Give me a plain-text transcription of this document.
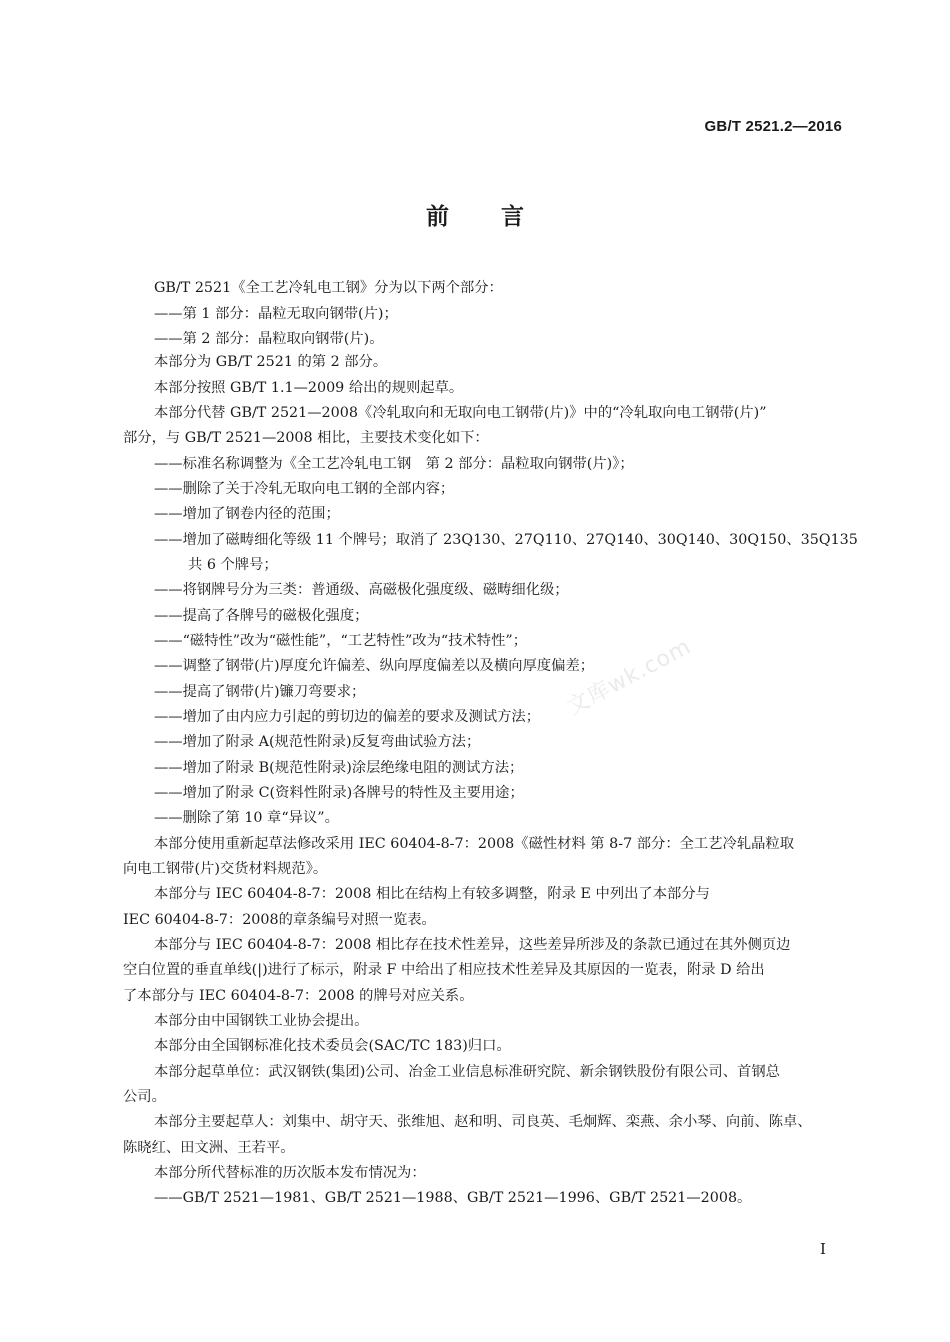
GB/T 2521.2—2016
前 言
GB/T 2521《全工艺冷轧电工钢》分为以下两个部分：
——第 1 部分：晶粒无取向钢带(片)；
——第 2 部分：晶粒取向钢带(片)。
本部分为 GB/T 2521 的第 2 部分。
本部分按照 GB/T 1.1—2009 给出的规则起草。
本部分代替 GB/T 2521—2008《冷轧取向和无取向电工钢带(片)》中的“冷轧取向电工钢带(片)”
部分，与 GB/T 2521—2008 相比，主要技术变化如下：
——标准名称调整为《全工艺冷轧电工钢　第 2 部分：晶粒取向钢带(片)》；
——删除了关于冷轧无取向电工钢的全部内容；
——增加了钢卷内径的范围；
——增加了磁畴细化等级 11 个牌号；取消了 23Q130、27Q110、27Q140、30Q140、30Q150、35Q135
共 6 个牌号；
——将钢牌号分为三类：普通级、高磁极化强度级、磁畴细化级；
——提高了各牌号的磁极化强度；
——“磁特性”改为“磁性能”，“工艺特性”改为“技术特性”；
——调整了钢带(片)厚度允许偏差、纵向厚度偏差以及横向厚度偏差；
——提高了钢带(片)镰刀弯要求；
——增加了由内应力引起的剪切边的偏差的要求及测试方法；
——增加了附录 A(规范性附录)反复弯曲试验方法；
——增加了附录 B(规范性附录)涂层绝缘电阻的测试方法；
——增加了附录 C(资料性附录)各牌号的特性及主要用途；
——删除了第 10 章“异议”。
本部分使用重新起草法修改采用 IEC 60404-8-7：2008《磁性材料 第 8-7 部分：全工艺冷轧晶粒取
向电工钢带(片)交货材料规范》。
本部分与 IEC 60404-8-7：2008 相比在结构上有较多调整，附录 E 中列出了本部分与
IEC 60404-8-7：2008的章条编号对照一览表。
本部分与 IEC 60404-8-7：2008 相比存在技术性差异，这些差异所涉及的条款已通过在其外侧页边
空白位置的垂直单线(|)进行了标示，附录 F 中给出了相应技术性差异及其原因的一览表，附录 D 给出
了本部分与 IEC 60404-8-7：2008 的牌号对应关系。
本部分由中国钢铁工业协会提出。
本部分由全国钢标准化技术委员会(SAC/TC 183)归口。
本部分起草单位：武汉钢铁(集团)公司、冶金工业信息标准研究院、新余钢铁股份有限公司、首钢总
公司。
本部分主要起草人：刘集中、胡守天、张维旭、赵和明、司良英、毛炯辉、栾燕、余小琴、向前、陈卓、
陈晓红、田文洲、王若平。
本部分所代替标准的历次版本发布情况为：
——GB/T 2521—1981、GB/T 2521—1988、GB/T 2521—1996、GB/T 2521—2008。
文库wk.com
I
